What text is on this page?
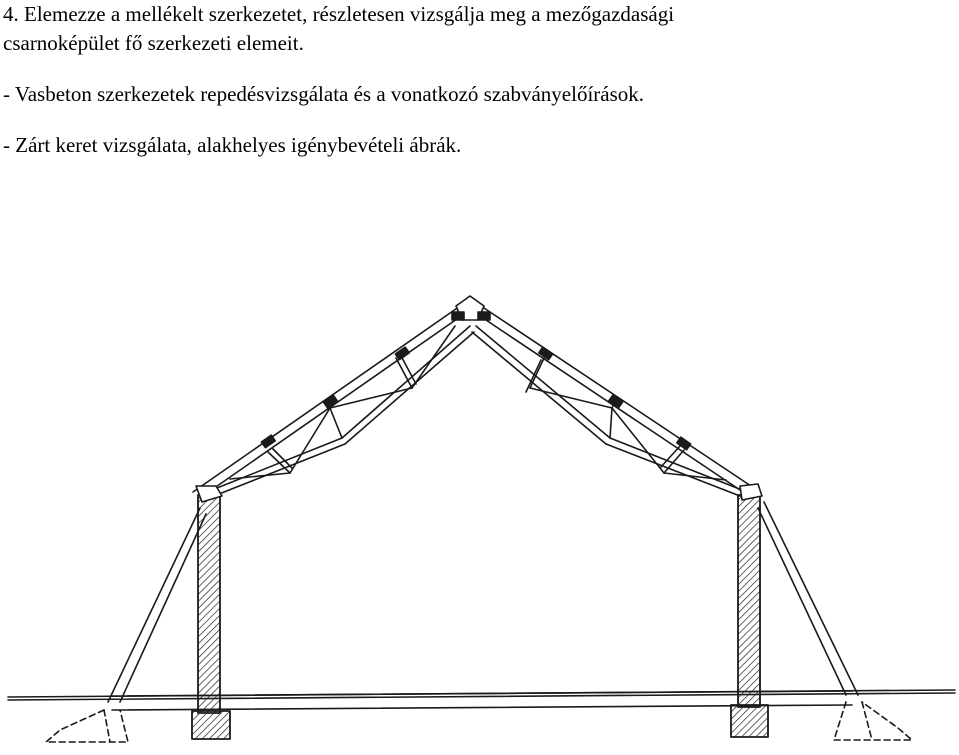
4. Elemezze a mellékelt szerkezetet, részletesen vizsgálja meg a mezőgazdasági
csarnoképület fő szerkezeti elemeit.
- Vasbeton szerkezetek repedésvizsgálata és a vonatkozó szabványelőírások.
- Zárt keret vizsgálata, alakhelyes igénybevételi ábrák.
